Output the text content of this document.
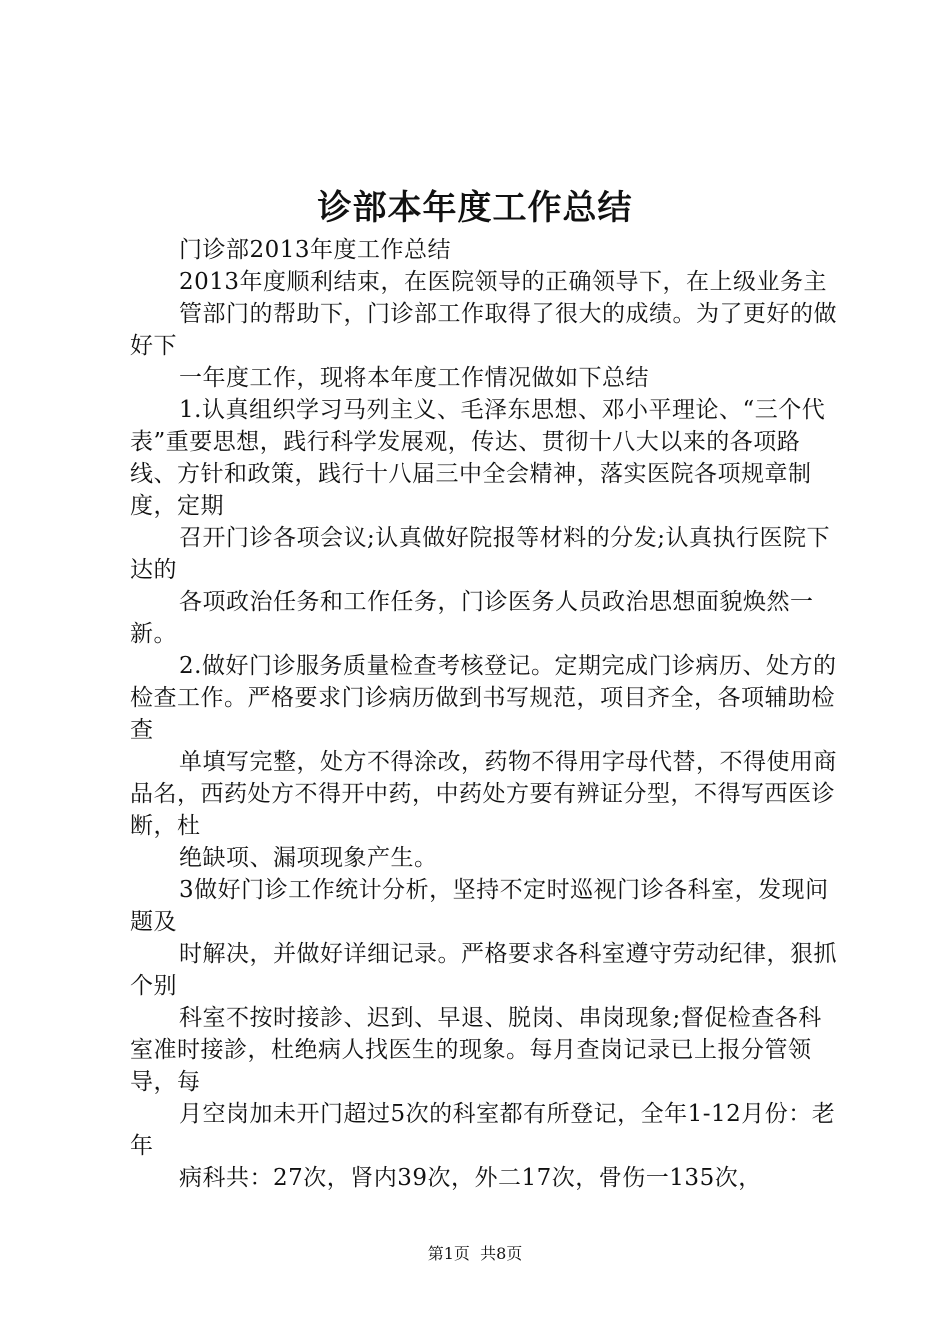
诊部本年度工作总结

门诊部2013年度工作总结

2013年度顺利结束，在医院领导的正确领导下，在上级业务主

管部门的帮助下，门诊部工作取得了很大的成绩。为了更好的做好下

一年度工作，现将本年度工作情况做如下总结

1.认真组织学习马列主义、毛泽东思想、邓小平理论、“三个代表”重要思想，践行科学发展观，传达、贯彻十八大以来的各项路线、方针和政策，践行十八届三中全会精神，落实医院各项规章制度，定期

召开门诊各项会议;认真做好院报等材料的分发;认真执行医院下达的

各项政治任务和工作任务，门诊医务人员政治思想面貌焕然一新。

2.做好门诊服务质量检查考核登记。定期完成门诊病历、处方的检查工作。严格要求门诊病历做到书写规范，项目齐全，各项辅助检查

单填写完整，处方不得涂改，药物不得用字母代替，不得使用商品名，西药处方不得开中药，中药处方要有辨证分型，不得写西医诊断，杜

绝缺项、漏项现象产生。

3做好门诊工作统计分析，坚持不定时巡视门诊各科室，发现问题及

时解决，并做好详细记录。严格要求各科室遵守劳动纪律，狠抓个别

科室不按时接診、迟到、早退、脱岗、串岗现象;督促检查各科室准时接診，杜绝病人找医生的现象。每月查岗记录已上报分管领导，每

月空岗加未开门超过5次的科室都有所登记，全年1-12月份：老年

病科共：27次，肾内39次，外二17次，骨伤一135次，

第1页 共8页
